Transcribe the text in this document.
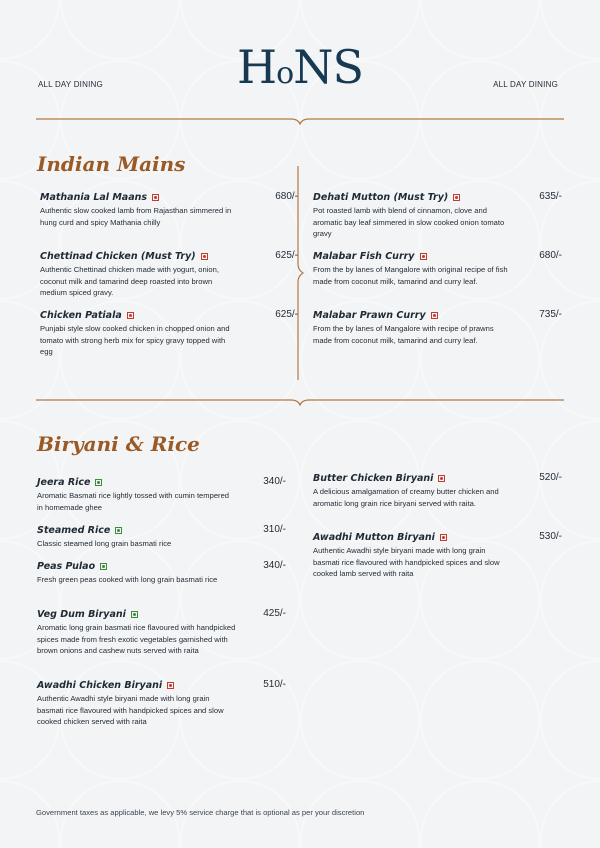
ALL DAY DINING	ALL DAY DINING
HoNS
Indian Mains
Mathania Lal Maans	680/-
Authentic slow cooked lamb from Rajasthan simmered in hung curd and spicy Mathania chilly
Chettinad Chicken (Must Try)	625/-
Authentic Chettinad chicken made with yogurt, onion, coconut milk and tamarind deep roasted into brown medium spiced gravy.
Chicken Patiala	625/-
Punjabi style slow cooked chicken in chopped onion and tomato with strong herb mix for spicy gravy topped with egg
Dehati Mutton (Must Try)	635/-
Pot roasted lamb with blend of cinnamon, clove and aromatic bay leaf simmered in slow cooked onion tomato gravy
Malabar Fish Curry	680/-
From the by lanes of Mangalore with original recipe of fish made from coconut milk, tamarind and curry leaf.
Malabar Prawn Curry	735/-
From the by lanes of Mangalore with recipe of prawns made from coconut milk, tamarind and curry leaf.
Biryani & Rice
Jeera Rice	340/-
Aromatic Basmati rice lightly tossed with cumin tempered in homemade ghee
Steamed Rice	310/-
Classic steamed long grain basmati rice
Peas Pulao	340/-
Fresh green peas cooked with long grain basmati rice
Veg Dum Biryani	425/-
Aromatic long grain basmati rice flavoured with handpicked spices made from fresh exotic vegetables garnished with brown onions and cashew nuts served with raita
Awadhi Chicken Biryani	510/-
Authentic Awadhi style biryani made with long grain basmati rice flavoured with handpicked spices and slow cooked chicken served with raita
Butter Chicken Biryani	520/-
A delicious amalgamation of creamy butter chicken and aromatic long grain rice biryani served with raita.
Awadhi Mutton Biryani	530/-
Authentic Awadhi style biryani made with long grain basmati rice flavoured with handpicked spices and slow cooked lamb served with raita
Government taxes as applicable, we levy 5% service charge that is optional as per your discretion
